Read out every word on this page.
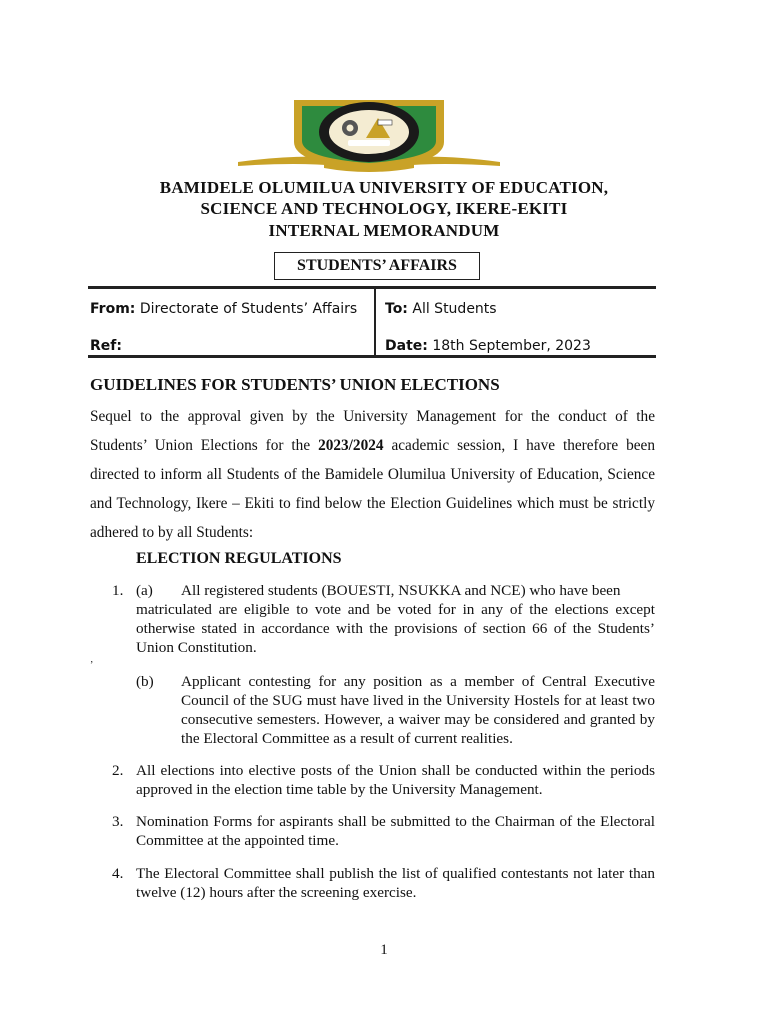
BAMIDELE OLUMILUA UNIVERSITY OF EDUCATION,
SCIENCE AND TECHNOLOGY, IKERE-EKITI
INTERNAL MEMORANDUM
STUDENTS’ AFFAIRS
From: Directorate of Students’ Affairs To: All Students
Ref:	Date: 18th September, 2023
GUIDELINES FOR STUDENTS’ UNION ELECTIONS
Sequel to the approval given by the University Management for the conduct of the Students’ Union Elections for the 2023/2024 academic session, I have therefore been directed to inform all Students of the Bamidele Olumilua University of Education, Science and Technology, Ikere – Ekiti to find below the Election Guidelines which must be strictly adhered to by all Students:
ELECTION REGULATIONS
1. (a) All registered students (BOUESTI, NSUKKA and NCE) who have been
matriculated are eligible to vote and be voted for in any of the elections except otherwise stated in accordance with the provisions of section 66 of the Students’ Union Constitution.
’
(b) Applicant contesting for any position as a member of Central Executive Council of the SUG must have lived in the University Hostels for at least two consecutive semesters. However, a waiver may be considered and granted by the Electoral Committee as a result of current realities.
2. All elections into elective posts of the Union shall be conducted within the periods approved in the election time table by the University Management.
3. Nomination Forms for aspirants shall be submitted to the Chairman of the Electoral Committee at the appointed time.
4. The Electoral Committee shall publish the list of qualified contestants not later than twelve (12) hours after the screening exercise.
1
